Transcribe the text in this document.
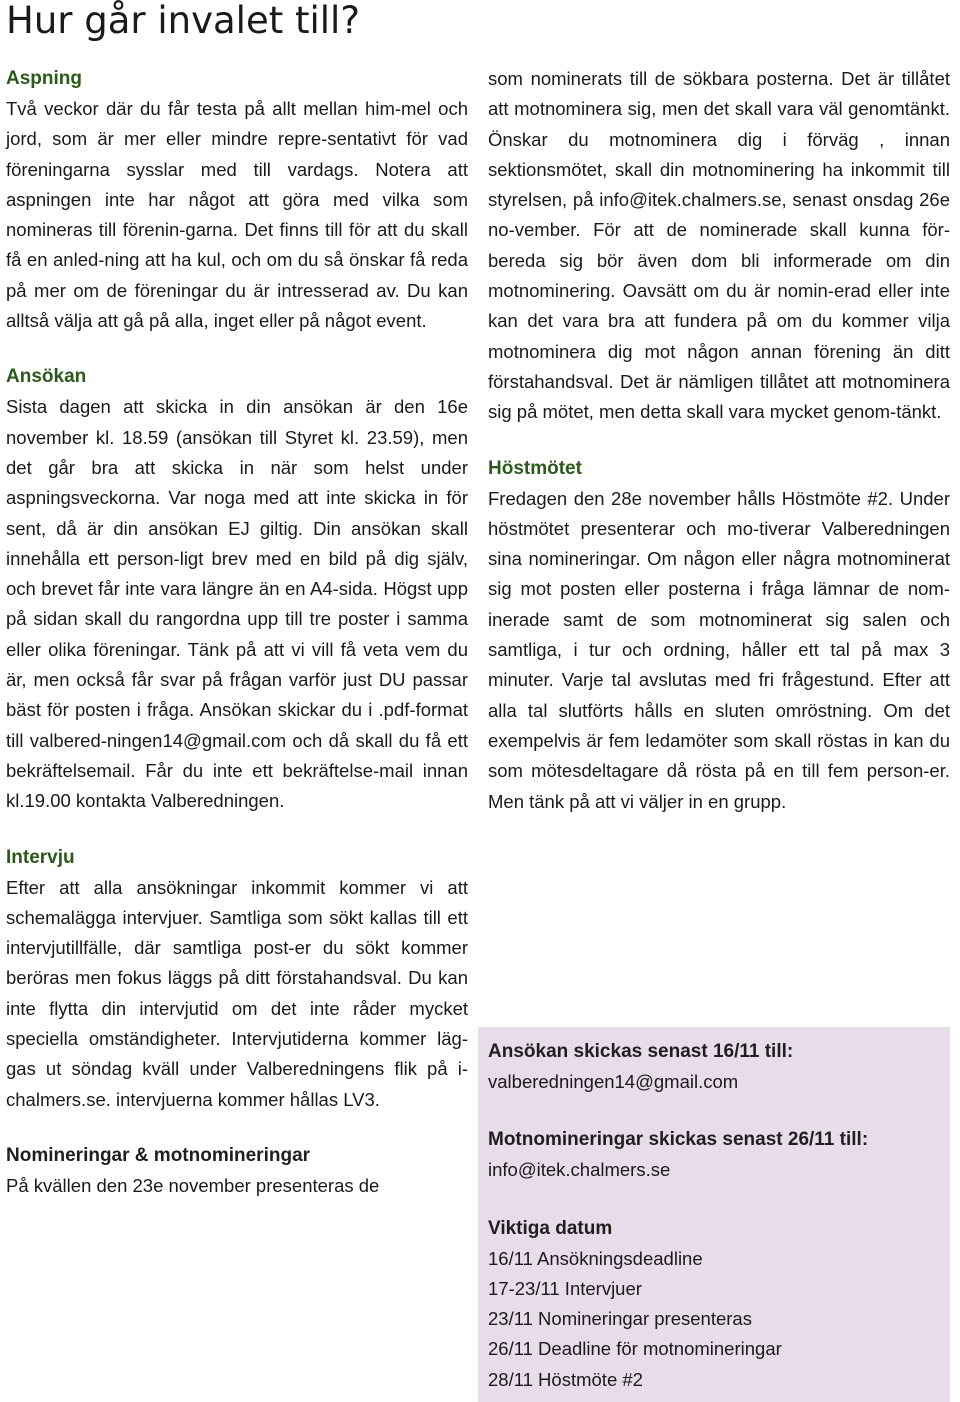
Hur går invalet till?
Aspning

Två veckor där du får testa på allt mellan him-mel och jord, som är mer eller mindre repre-sentativt för vad föreningarna sysslar med till vardags. Notera att aspningen inte har något att göra med vilka som nomineras till förenin-garna. Det finns till för att du skall få en anled-ning att ha kul, och om du så önskar få reda på mer om de föreningar du är intresserad av. Du kan alltså välja att gå på alla, inget eller på något event.

Ansökan

Sista dagen att skicka in din ansökan är den 16e november kl. 18.59 (ansökan till Styret kl. 23.59), men det går bra att skicka in när som helst under aspningsveckorna. Var noga med att inte skicka in för sent, då är din ansökan EJ giltig. Din ansökan skall innehålla ett person-ligt brev med en bild på dig själv, och brevet får inte vara längre än en A4-sida. Högst upp på sidan skall du rangordna upp till tre poster i samma eller olika föreningar. Tänk på att vi vill få veta vem du är, men också får svar på frågan varför just DU passar bäst för posten i fråga. Ansökan skickar du i .pdf-format till valbered-ningen14@gmail.com och då skall du få ett bekräftelsemail. Får du inte ett bekräftelse-mail innan kl.19.00 kontakta Valberedningen.

Intervju

Efter att alla ansökningar inkommit kommer vi att schemalägga intervjuer. Samtliga som sökt kallas till ett intervjutillfälle, där samtliga post-er du sökt kommer beröras men fokus läggs på ditt förstahandsval. Du kan inte flytta din intervjutid om det inte råder mycket speciella omständigheter. Intervjutiderna kommer läg-gas ut söndag kväll under Valberedningens flik på i-chalmers.se. intervjuerna kommer hållas LV3.

Nomineringar & motnomineringar

På kvällen den 23e november presenteras de

som nominerats till de sökbara posterna. Det är tillåtet att motnominera sig, men det skall vara väl genomtänkt. Önskar du motnominera dig i förväg , innan sektionsmötet, skall din motnominering ha inkommit till styrelsen, på info@itek.chalmers.se, senast onsdag 26e no-vember. För att de nominerade skall kunna för-bereda sig bör även dom bli informerade om din motnominering. Oavsätt om du är nomin-erad eller inte kan det vara bra att fundera på om du kommer vilja motnominera dig mot någon annan förening än ditt förstahandsval. Det är nämligen tillåtet att motnominera sig på mötet, men detta skall vara mycket genom-tänkt.

Höstmötet

Fredagen den 28e november hålls Höstmöte #2. Under höstmötet presenterar och mo-tiverar Valberedningen sina nomineringar. Om någon eller några motnominerat sig mot posten eller posterna i fråga lämnar de nom-inerade samt de som motnominerat sig salen och samtliga, i tur och ordning, håller ett tal på max 3 minuter. Varje tal avslutas med fri frågestund. Efter att alla tal slutförts hålls en sluten omröstning. Om det exempelvis är fem ledamöter som skall röstas in kan du som mötesdeltagare då rösta på en till fem person-er. Men tänk på att vi väljer in en grupp.

Ansökan skickas senast 16/11 till:
valberedningen14@gmail.com
Motnomineringar skickas senast 26/11 till:
info@itek.chalmers.se
Viktiga datum
16/11 Ansökningsdeadline
17-23/11 Intervjuer
23/11 Nomineringar presenteras
26/11 Deadline för motnomineringar
28/11 Höstmöte #2
